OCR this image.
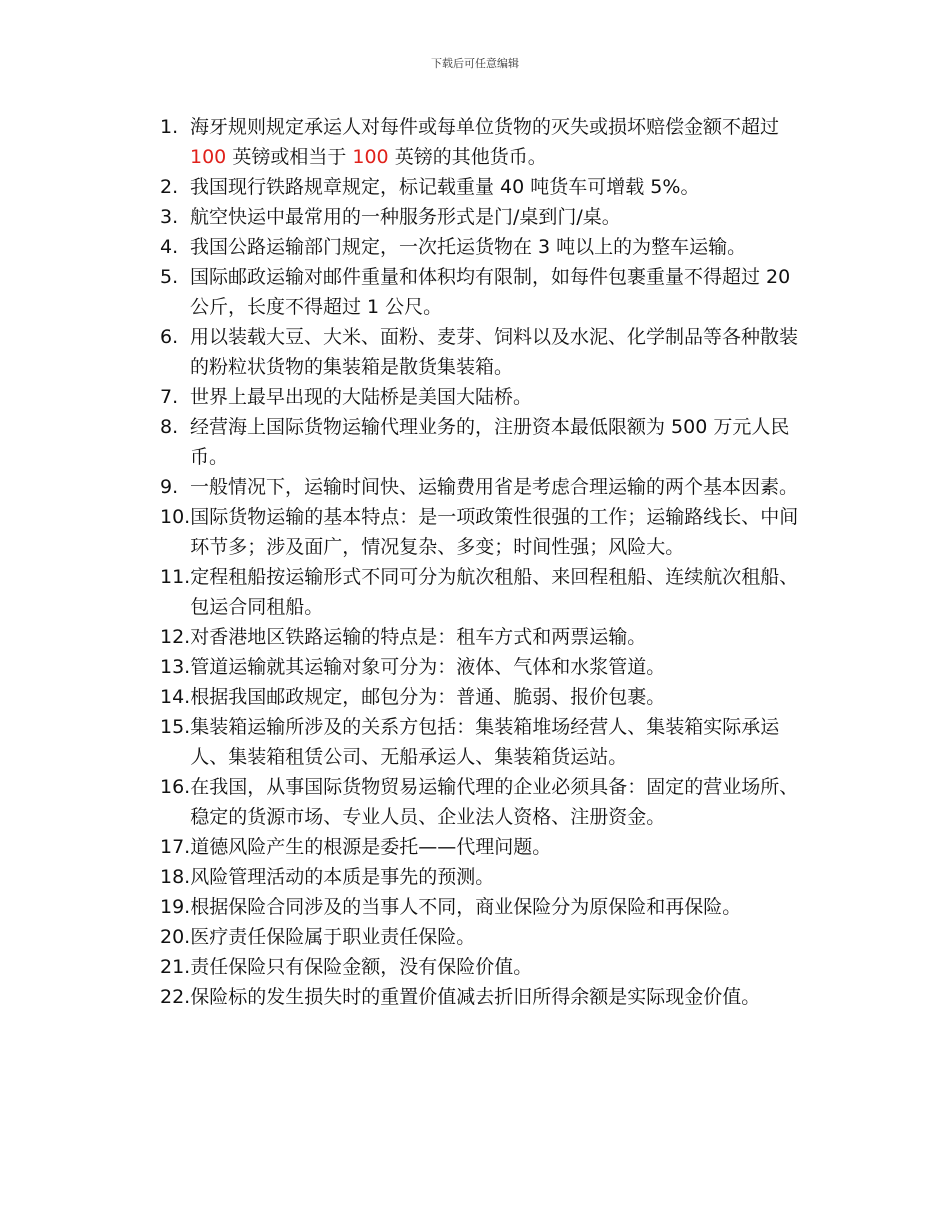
下载后可任意编辑
1. 海牙规则规定承运人对每件或每单位货物的灭失或损坏赔偿金额不超过 100 英镑或相当于 100 英镑的其他货币。
2. 我国现行铁路规章规定，标记载重量 40 吨货车可增载 5%。
3. 航空快运中最常用的一种服务形式是门/桌到门/桌。
4. 我国公路运输部门规定，一次托运货物在 3 吨以上的为整车运输。
5. 国际邮政运输对邮件重量和体积均有限制，如每件包裹重量不得超过 20 公斤，长度不得超过 1 公尺。
6. 用以装载大豆、大米、面粉、麦芽、饲料以及水泥、化学制品等各种散装的粉粒状货物的集装箱是散货集装箱。
7. 世界上最早出现的大陆桥是美国大陆桥。
8. 经营海上国际货物运输代理业务的，注册资本最低限额为 500 万元人民币。
9. 一般情况下，运输时间快、运输费用省是考虑合理运输的两个基本因素。
10. 国际货物运输的基本特点：是一项政策性很强的工作；运输路线长、中间环节多；涉及面广，情况复杂、多变；时间性强；风险大。
11. 定程租船按运输形式不同可分为航次租船、来回程租船、连续航次租船、包运合同租船。
12. 对香港地区铁路运输的特点是：租车方式和两票运输。
13. 管道运输就其运输对象可分为：液体、气体和水浆管道。
14. 根据我国邮政规定，邮包分为：普通、脆弱、报价包裹。
15. 集装箱运输所涉及的关系方包括：集装箱堆场经营人、集装箱实际承运人、集装箱租赁公司、无船承运人、集装箱货运站。
16. 在我国，从事国际货物贸易运输代理的企业必须具备：固定的营业场所、稳定的货源市场、专业人员、企业法人资格、注册资金。
17. 道德风险产生的根源是委托——代理问题。
18. 风险管理活动的本质是事先的预测。
19. 根据保险合同涉及的当事人不同，商业保险分为原保险和再保险。
20. 医疗责任保险属于职业责任保险。
21. 责任保险只有保险金额，没有保险价值。
22. 保险标的发生损失时的重置价值减去折旧所得余额是实际现金价值。
